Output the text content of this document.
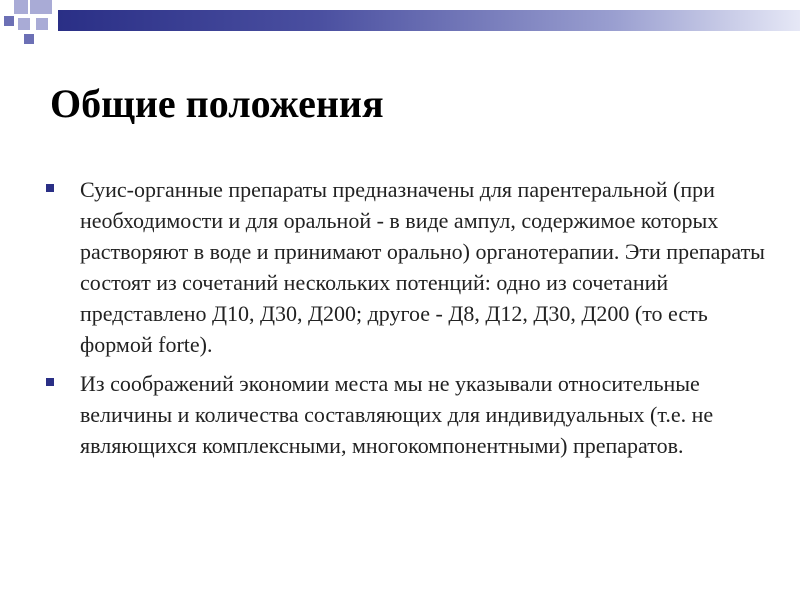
Общие положения
Суис-органные препараты предназначены для парентеральной (при необходимости и для оральной - в виде ампул, содержимое которых растворяют в воде и принимают орально) органотерапии. Эти препараты состоят из сочетаний нескольких потенций: одно из сочетаний представлено Д10, Д30, Д200; другое - Д8, Д12, Д30, Д200 (то есть формой forte).
Из соображений экономии места мы не указывали относительные величины и количества составляющих для индивидуальных (т.е. не являющихся комплексными, многокомпонентными) препаратов.
